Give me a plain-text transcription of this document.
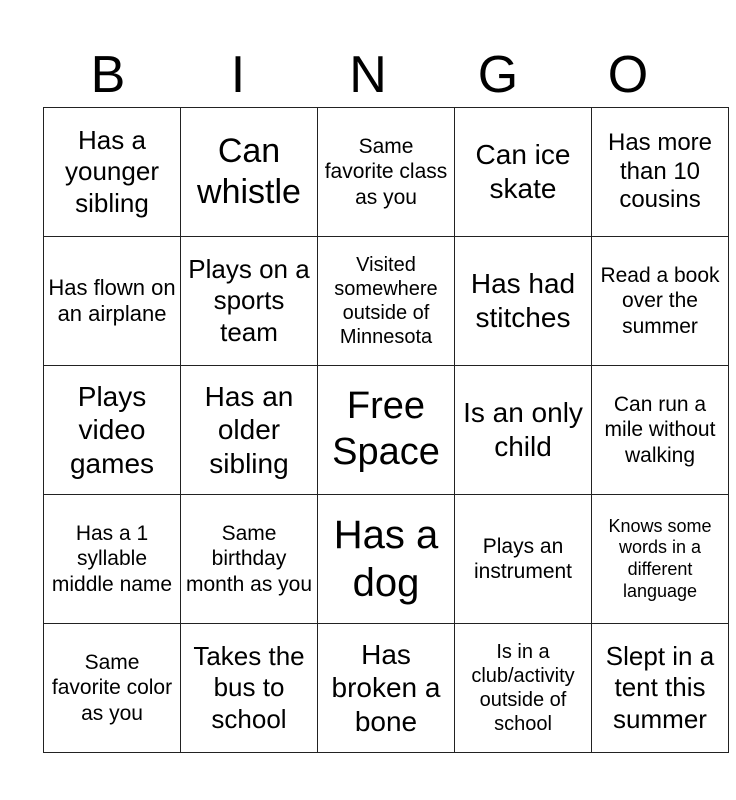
B	I	N	G	O
Has a younger sibling	Can whistle	Same favorite class as you	Can ice skate	Has more than 10 cousins
Has flown on an airplane	Plays on a sports team	Visited somewhere outside of Minnesota	Has had stitches	Read a book over the summer
Plays video games	Has an older sibling	Free Space	Is an only child	Can run a mile without walking
Has a 1 syllable middle name	Same birthday month as you	Has a dog	Plays an instrument	Knows some words in a different language
Same favorite color as you	Takes the bus to school	Has broken a bone	Is in a club/activity outside of school	Slept in a tent this summer
